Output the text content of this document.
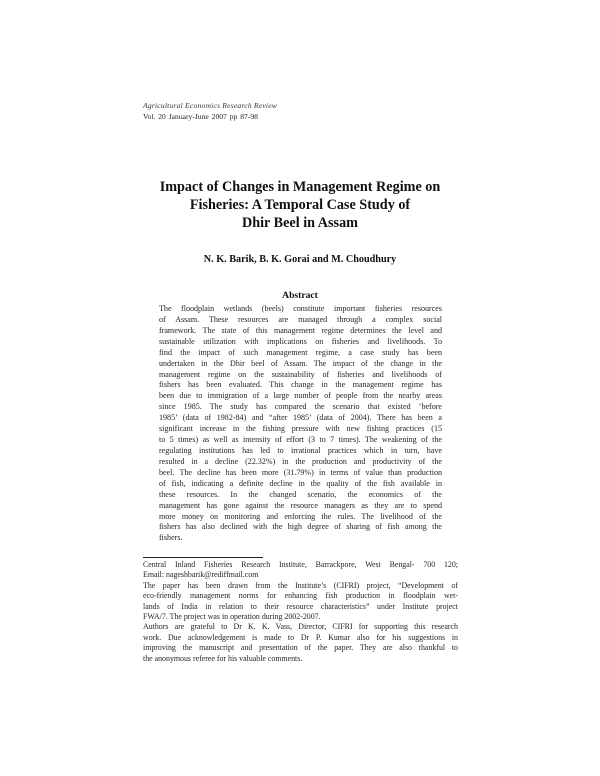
Agricultural Economics Research Review
Vol. 20 January-June 2007 pp 87-98
Impact of Changes in Management Regime on
Fisheries: A Temporal Case Study of
Dhir Beel in Assam
N. K. Barik, B. K. Gorai and M. Choudhury
Abstract
The floodplain wetlands (beels) constitute important fisheries resources
of Assam. These resources are managed through a complex social
framework. The state of this management regime determines the level and
sustainable utilization with implications on fisheries and livelihoods. To
find the impact of such management regime, a case study has been
undertaken in the Dhir beel of Assam. The impact of the change in the
management regime on the sustainability of fisheries and livelihoods of
fishers has been evaluated. This change in the management regime has
been due to immigration of a large number of people from the nearby areas
since 1985. The study has compared the scenario that existed ‘before
1985’ (data of 1982-84) and “after 1985’ (data of 2004). There has been a
significant increase in the fishing pressure with new fishing practices (15
to 5 times) as well as intensity of effort (3 to 7 times). The weakening of the
regulating institutions has led to irrational practices which in turn, have
resulted in a decline (22.32%) in the production and productivity of the
beel. The decline has been more (31.79%) in terms of value than production
of fish, indicating a definite decline in the quality of the fish available in
these resources. In the changed scenario, the economics of the
management has gone against the resource managers as they are to spend
more money on monitoring and enforcing the rules. The livelihood of the
fishers has also declined with the high degree of sharing of fish among the
fishers.
Central Inland Fisheries Research Institute, Barrackpore, West Bengal- 700 120;
Email: nageshbarik@rediffmail.com
The paper has been drawn from the Institute’s (CIFRI) project, “Development of
eco-friendly management norms for enhancing fish production in floodplain wet-
lands of India in relation to their resource characteristics” under Institute project
FWA/7. The project was in operation during 2002-2007.
Authors are grateful to Dr K. K. Vass, Director, CIFRI for supporting this research
work. Due acknowledgement is made to Dr P. Kumar also for his suggestions in
improving the manuscript and presentation of the paper. They are also thankful to
the anonymous referee for his valuable comments.
